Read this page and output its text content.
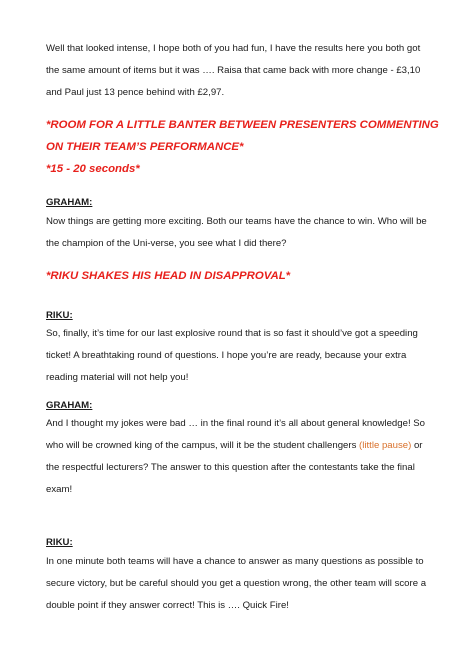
Well that looked intense, I hope both of you had fun, I have the results here you both got the same amount of items but it was …. Raisa that came back with more change - £3,10 and Paul just 13 pence behind with £2,97.

*ROOM FOR A LITTLE BANTER BETWEEN PRESENTERS COMMENTING ON THEIR TEAM’S PERFORMANCE*
*15 - 20 seconds*

GRAHAM:

Now things are getting more exciting. Both our teams have the chance to win. Who will be the champion of the Uni-verse, you see what I did there?

*RIKU SHAKES HIS HEAD IN DISAPPROVAL*

RIKU:

So, finally, it’s time for our last explosive round that is so fast it should’ve got a speeding ticket! A breathtaking round of questions. I hope you’re are ready, because your extra reading material will not help you!

GRAHAM:

And I thought my jokes were bad … in the final round it’s all about general knowledge! So who will be crowned king of the campus, will it be the student challengers (little pause) or the respectful lecturers? The answer to this question after the contestants take the final exam!

RIKU:

In one minute both teams will have a chance to answer as many questions as possible to secure victory, but be careful should you get a question wrong, the other team will score a double point if they answer correct! This is …. Quick Fire!
